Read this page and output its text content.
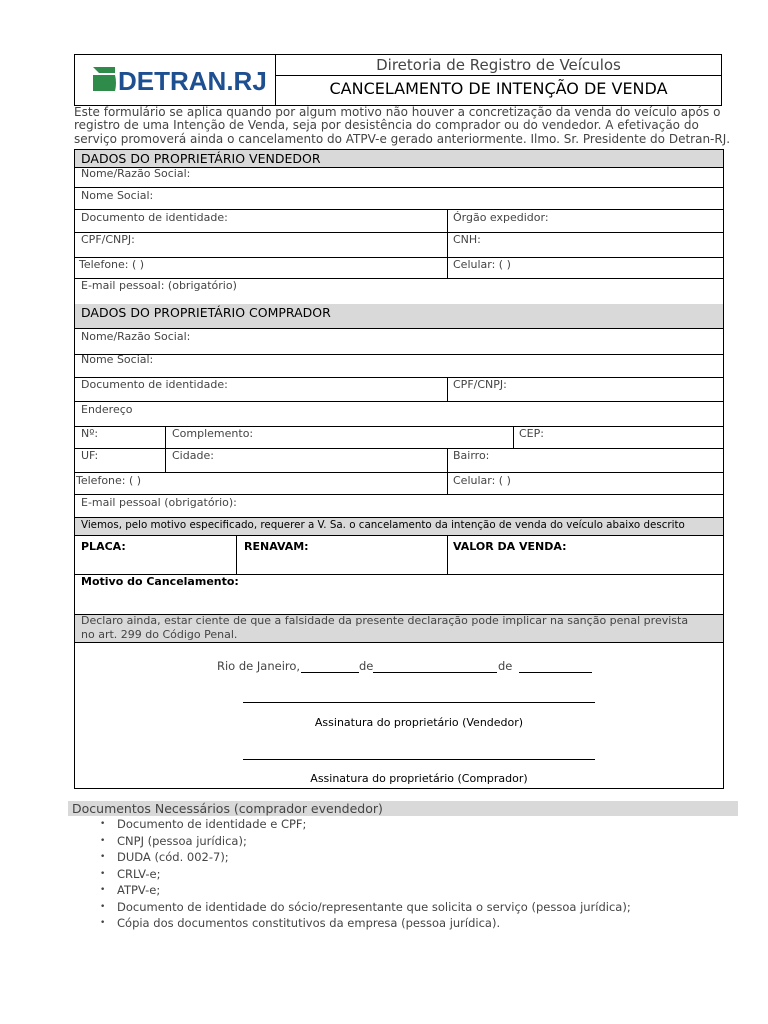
DETRAN.RJ
Diretoria de Registro de Veículos
CANCELAMENTO DE INTENÇÃO DE VENDA
Este formulário se aplica quando por algum motivo não houver a concretização da venda do veículo após o registro de uma Intenção de Venda, seja por desistência do comprador ou do vendedor. A efetivação do serviço promoverá ainda o cancelamento do ATPV-e gerado anteriormente. Ilmo. Sr. Presidente do Detran-RJ.
DADOS DO PROPRIETÁRIO VENDEDOR
Nome/Razão Social:
Nome Social:
Documento de identidade:	Órgão expedidor:
CPF/CNPJ:	CNH:
Telefone: ( )	Celular: ( )
E-mail pessoal: (obrigatório)
DADOS DO PROPRIETÁRIO COMPRADOR
Nome/Razão Social:
Nome Social:
Documento de identidade:	CPF/CNPJ:
Endereço
Nº:	Complemento:	CEP:
UF:	Cidade:	Bairro:
Telefone: ( )	Celular: ( )
E-mail pessoal (obrigatório):
Viemos, pelo motivo especificado, requerer a V. Sa. o cancelamento da intenção de venda do veículo abaixo descrito
PLACA:	RENAVAM:	VALOR DA VENDA:
Motivo do Cancelamento:
Declaro ainda, estar ciente de que a falsidade da presente declaração pode implicar na sanção penal prevista no art. 299 do Código Penal.
Rio de Janeiro,	de	de
Assinatura do proprietário (Vendedor)
Assinatura do proprietário (Comprador)
Documentos Necessários (comprador evendedor)
• Documento de identidade e CPF;
• CNPJ (pessoa jurídica);
• DUDA (cód. 002-7);
• CRLV-e;
• ATPV-e;
• Documento de identidade do sócio/representante que solicita o serviço (pessoa jurídica);
• Cópia dos documentos constitutivos da empresa (pessoa jurídica).
